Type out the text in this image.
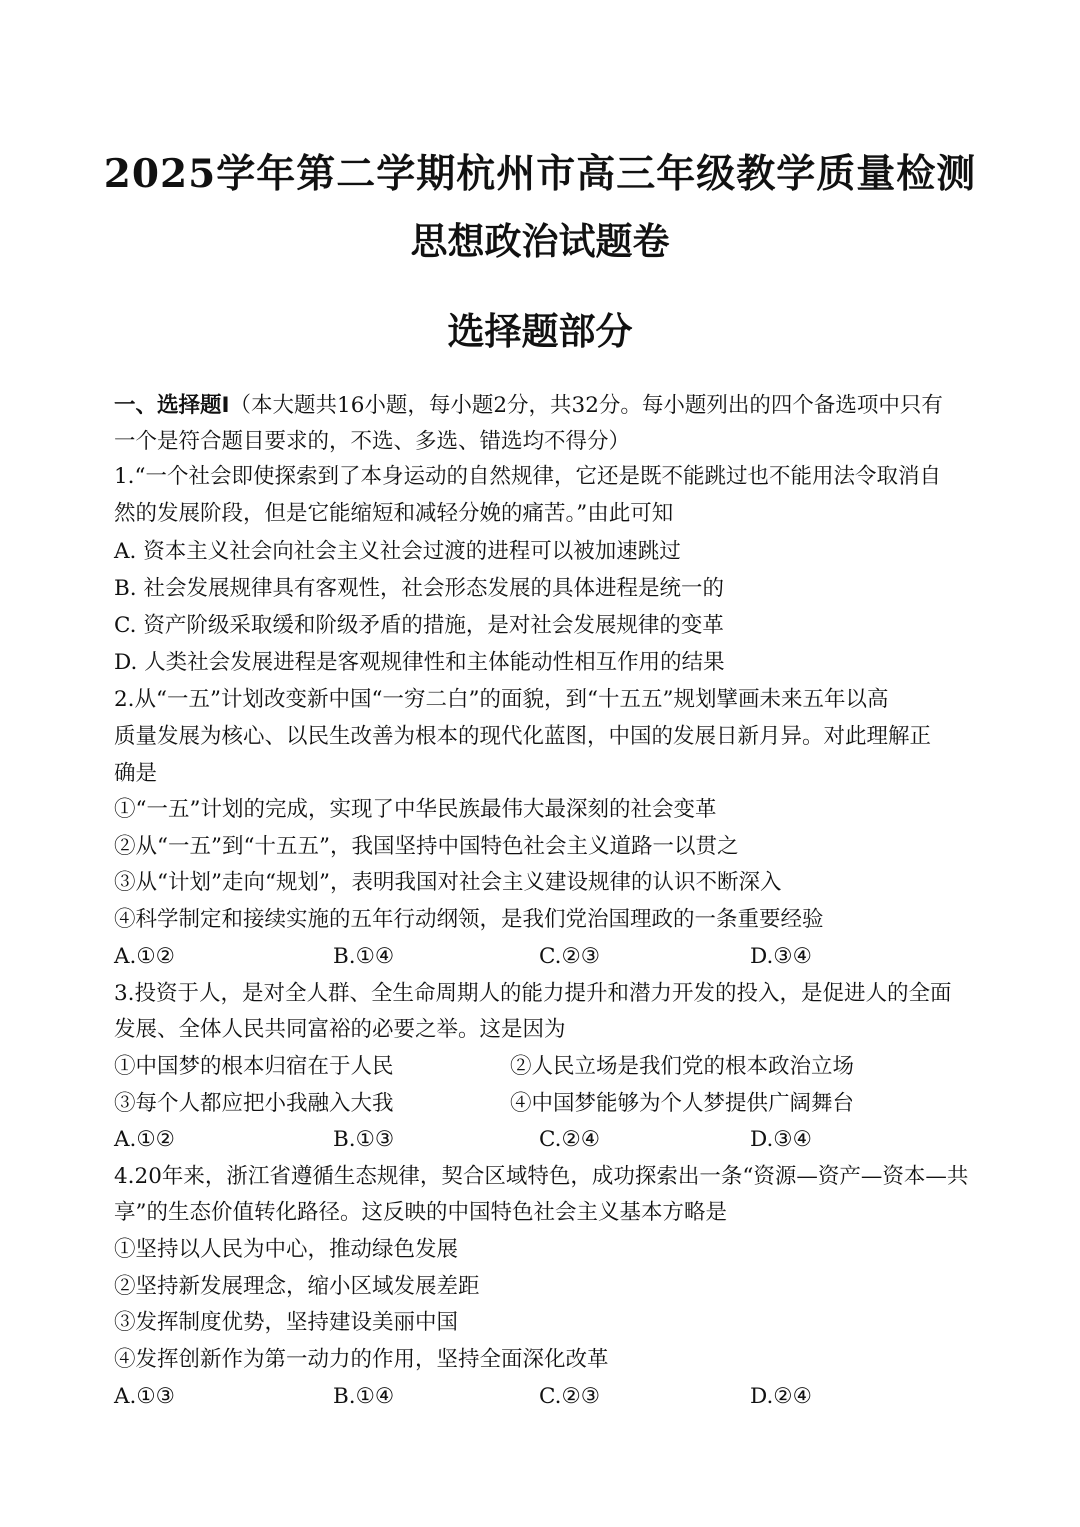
2025学年第二学期杭州市高三年级教学质量检测
思想政治试题卷
选择题部分
一、选择题Ⅰ（本大题共16小题，每小题2分，共32分。每小题列出的四个备选项中只有
一个是符合题目要求的，不选、多选、错选均不得分）
1.“一个社会即使探索到了本身运动的自然规律，它还是既不能跳过也不能用法令取消自
然的发展阶段，但是它能缩短和减轻分娩的痛苦。”由此可知
A. 资本主义社会向社会主义社会过渡的进程可以被加速跳过
B. 社会发展规律具有客观性，社会形态发展的具体进程是统一的
C. 资产阶级采取缓和阶级矛盾的措施，是对社会发展规律的变革
D. 人类社会发展进程是客观规律性和主体能动性相互作用的结果
2.从“一五”计划改变新中国“一穷二白”的面貌，到“十五五”规划擘画未来五年以高
质量发展为核心、以民生改善为根本的现代化蓝图，中国的发展日新月异。对此理解正
确是
①“一五”计划的完成，实现了中华民族最伟大最深刻的社会变革
②从“一五”到“十五五”，我国坚持中国特色社会主义道路一以贯之
③从“计划”走向“规划”，表明我国对社会主义建设规律的认识不断深入
④科学制定和接续实施的五年行动纲领，是我们党治国理政的一条重要经验
A.①②	B.①④	C.②③	D.③④
3.投资于人，是对全人群、全生命周期人的能力提升和潜力开发的投入，是促进人的全面
发展、全体人民共同富裕的必要之举。这是因为
①中国梦的根本归宿在于人民	②人民立场是我们党的根本政治立场
③每个人都应把小我融入大我	④中国梦能够为个人梦提供广阔舞台
A.①②	B.①③	C.②④	D.③④
4.20年来，浙江省遵循生态规律，契合区域特色，成功探索出一条“资源—资产—资本—共
享”的生态价值转化路径。这反映的中国特色社会主义基本方略是
①坚持以人民为中心，推动绿色发展
②坚持新发展理念，缩小区域发展差距
③发挥制度优势，坚持建设美丽中国
④发挥创新作为第一动力的作用，坚持全面深化改革
A.①③	B.①④	C.②③	D.②④
